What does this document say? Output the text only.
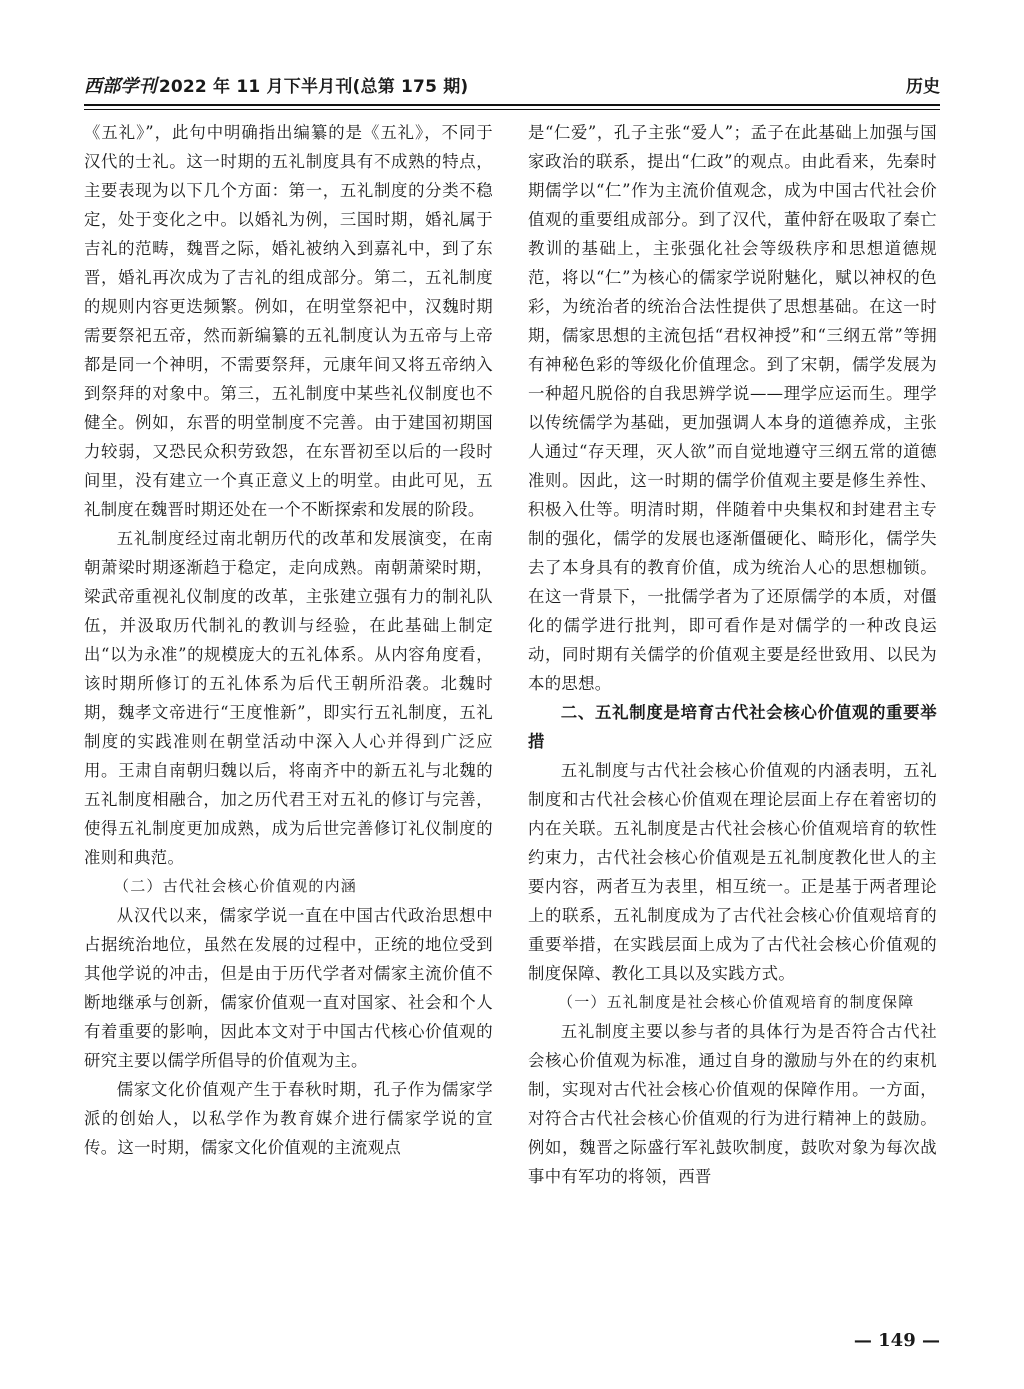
西部学刊 2022 年 11 月下半月刊(总第 175 期)	历史

《五礼》”，此句中明确指出编纂的是《五礼》，不同于汉代的士礼。这一时期的五礼制度具有不成熟的特点，主要表现为以下几个方面：第一，五礼制度的分类不稳定，处于变化之中。以婚礼为例，三国时期，婚礼属于吉礼的范畴，魏晋之际，婚礼被纳入到嘉礼中，到了东晋，婚礼再次成为了吉礼的组成部分。第二，五礼制度的规则内容更迭频繁。例如，在明堂祭祀中，汉魏时期需要祭祀五帝，然而新编纂的五礼制度认为五帝与上帝都是同一个神明，不需要祭拜，元康年间又将五帝纳入到祭拜的对象中。第三，五礼制度中某些礼仪制度也不健全。例如，东晋的明堂制度不完善。由于建国初期国力较弱，又恐民众积劳致怨，在东晋初至以后的一段时间里，没有建立一个真正意义上的明堂。由此可见，五礼制度在魏晋时期还处在一个不断探索和发展的阶段。

五礼制度经过南北朝历代的改革和发展演变，在南朝萧梁时期逐渐趋于稳定，走向成熟。南朝萧梁时期，梁武帝重视礼仪制度的改革，主张建立强有力的制礼队伍，并汲取历代制礼的教训与经验，在此基础上制定出“以为永准”的规模庞大的五礼体系。从内容角度看，该时期所修订的五礼体系为后代王朝所沿袭。北魏时期，魏孝文帝进行“王度惟新”，即实行五礼制度，五礼制度的实践准则在朝堂活动中深入人心并得到广泛应用。王肃自南朝归魏以后，将南齐中的新五礼与北魏的五礼制度相融合，加之历代君王对五礼的修订与完善，使得五礼制度更加成熟，成为后世完善修订礼仪制度的准则和典范。

（二）古代社会核心价值观的内涵

从汉代以来，儒家学说一直在中国古代政治思想中占据统治地位，虽然在发展的过程中，正统的地位受到其他学说的冲击，但是由于历代学者对儒家主流价值不断地继承与创新，儒家价值观一直对国家、社会和个人有着重要的影响，因此本文对于中国古代核心价值观的研究主要以儒学所倡导的价值观为主。

儒家文化价值观产生于春秋时期，孔子作为儒家学派的创始人，以私学作为教育媒介进行儒家学说的宣传。这一时期，儒家文化价值观的主流观点

是“仁爱”，孔子主张“爱人”；孟子在此基础上加强与国家政治的联系，提出“仁政”的观点。由此看来，先秦时期儒学以“仁”作为主流价值观念，成为中国古代社会价值观的重要组成部分。到了汉代，董仲舒在吸取了秦亡教训的基础上，主张强化社会等级秩序和思想道德规范，将以“仁”为核心的儒家学说附魅化，赋以神权的色彩，为统治者的统治合法性提供了思想基础。在这一时期，儒家思想的主流包括“君权神授”和“三纲五常”等拥有神秘色彩的等级化价值理念。到了宋朝，儒学发展为一种超凡脱俗的自我思辨学说——理学应运而生。理学以传统儒学为基础，更加强调人本身的道德养成，主张人通过“存天理，灭人欲”而自觉地遵守三纲五常的道德准则。因此，这一时期的儒学价值观主要是修生养性、积极入仕等。明清时期，伴随着中央集权和封建君主专制的强化，儒学的发展也逐渐僵硬化、畸形化，儒学失去了本身具有的教育价值，成为统治人心的思想枷锁。在这一背景下，一批儒学者为了还原儒学的本质，对僵化的儒学进行批判，即可看作是对儒学的一种改良运动，同时期有关儒学的价值观主要是经世致用、以民为本的思想。

二、五礼制度是培育古代社会核心价值观的重要举措

五礼制度与古代社会核心价值观的内涵表明，五礼制度和古代社会核心价值观在理论层面上存在着密切的内在关联。五礼制度是古代社会核心价值观培育的软性约束力，古代社会核心价值观是五礼制度教化世人的主要内容，两者互为表里，相互统一。正是基于两者理论上的联系，五礼制度成为了古代社会核心价值观培育的重要举措，在实践层面上成为了古代社会核心价值观的制度保障、教化工具以及实践方式。

（一）五礼制度是社会核心价值观培育的制度保障

五礼制度主要以参与者的具体行为是否符合古代社会核心价值观为标准，通过自身的激励与外在的约束机制，实现对古代社会核心价值观的保障作用。一方面，对符合古代社会核心价值观的行为进行精神上的鼓励。例如，魏晋之际盛行军礼鼓吹制度，鼓吹对象为每次战事中有军功的将领，西晋

— 149 —
